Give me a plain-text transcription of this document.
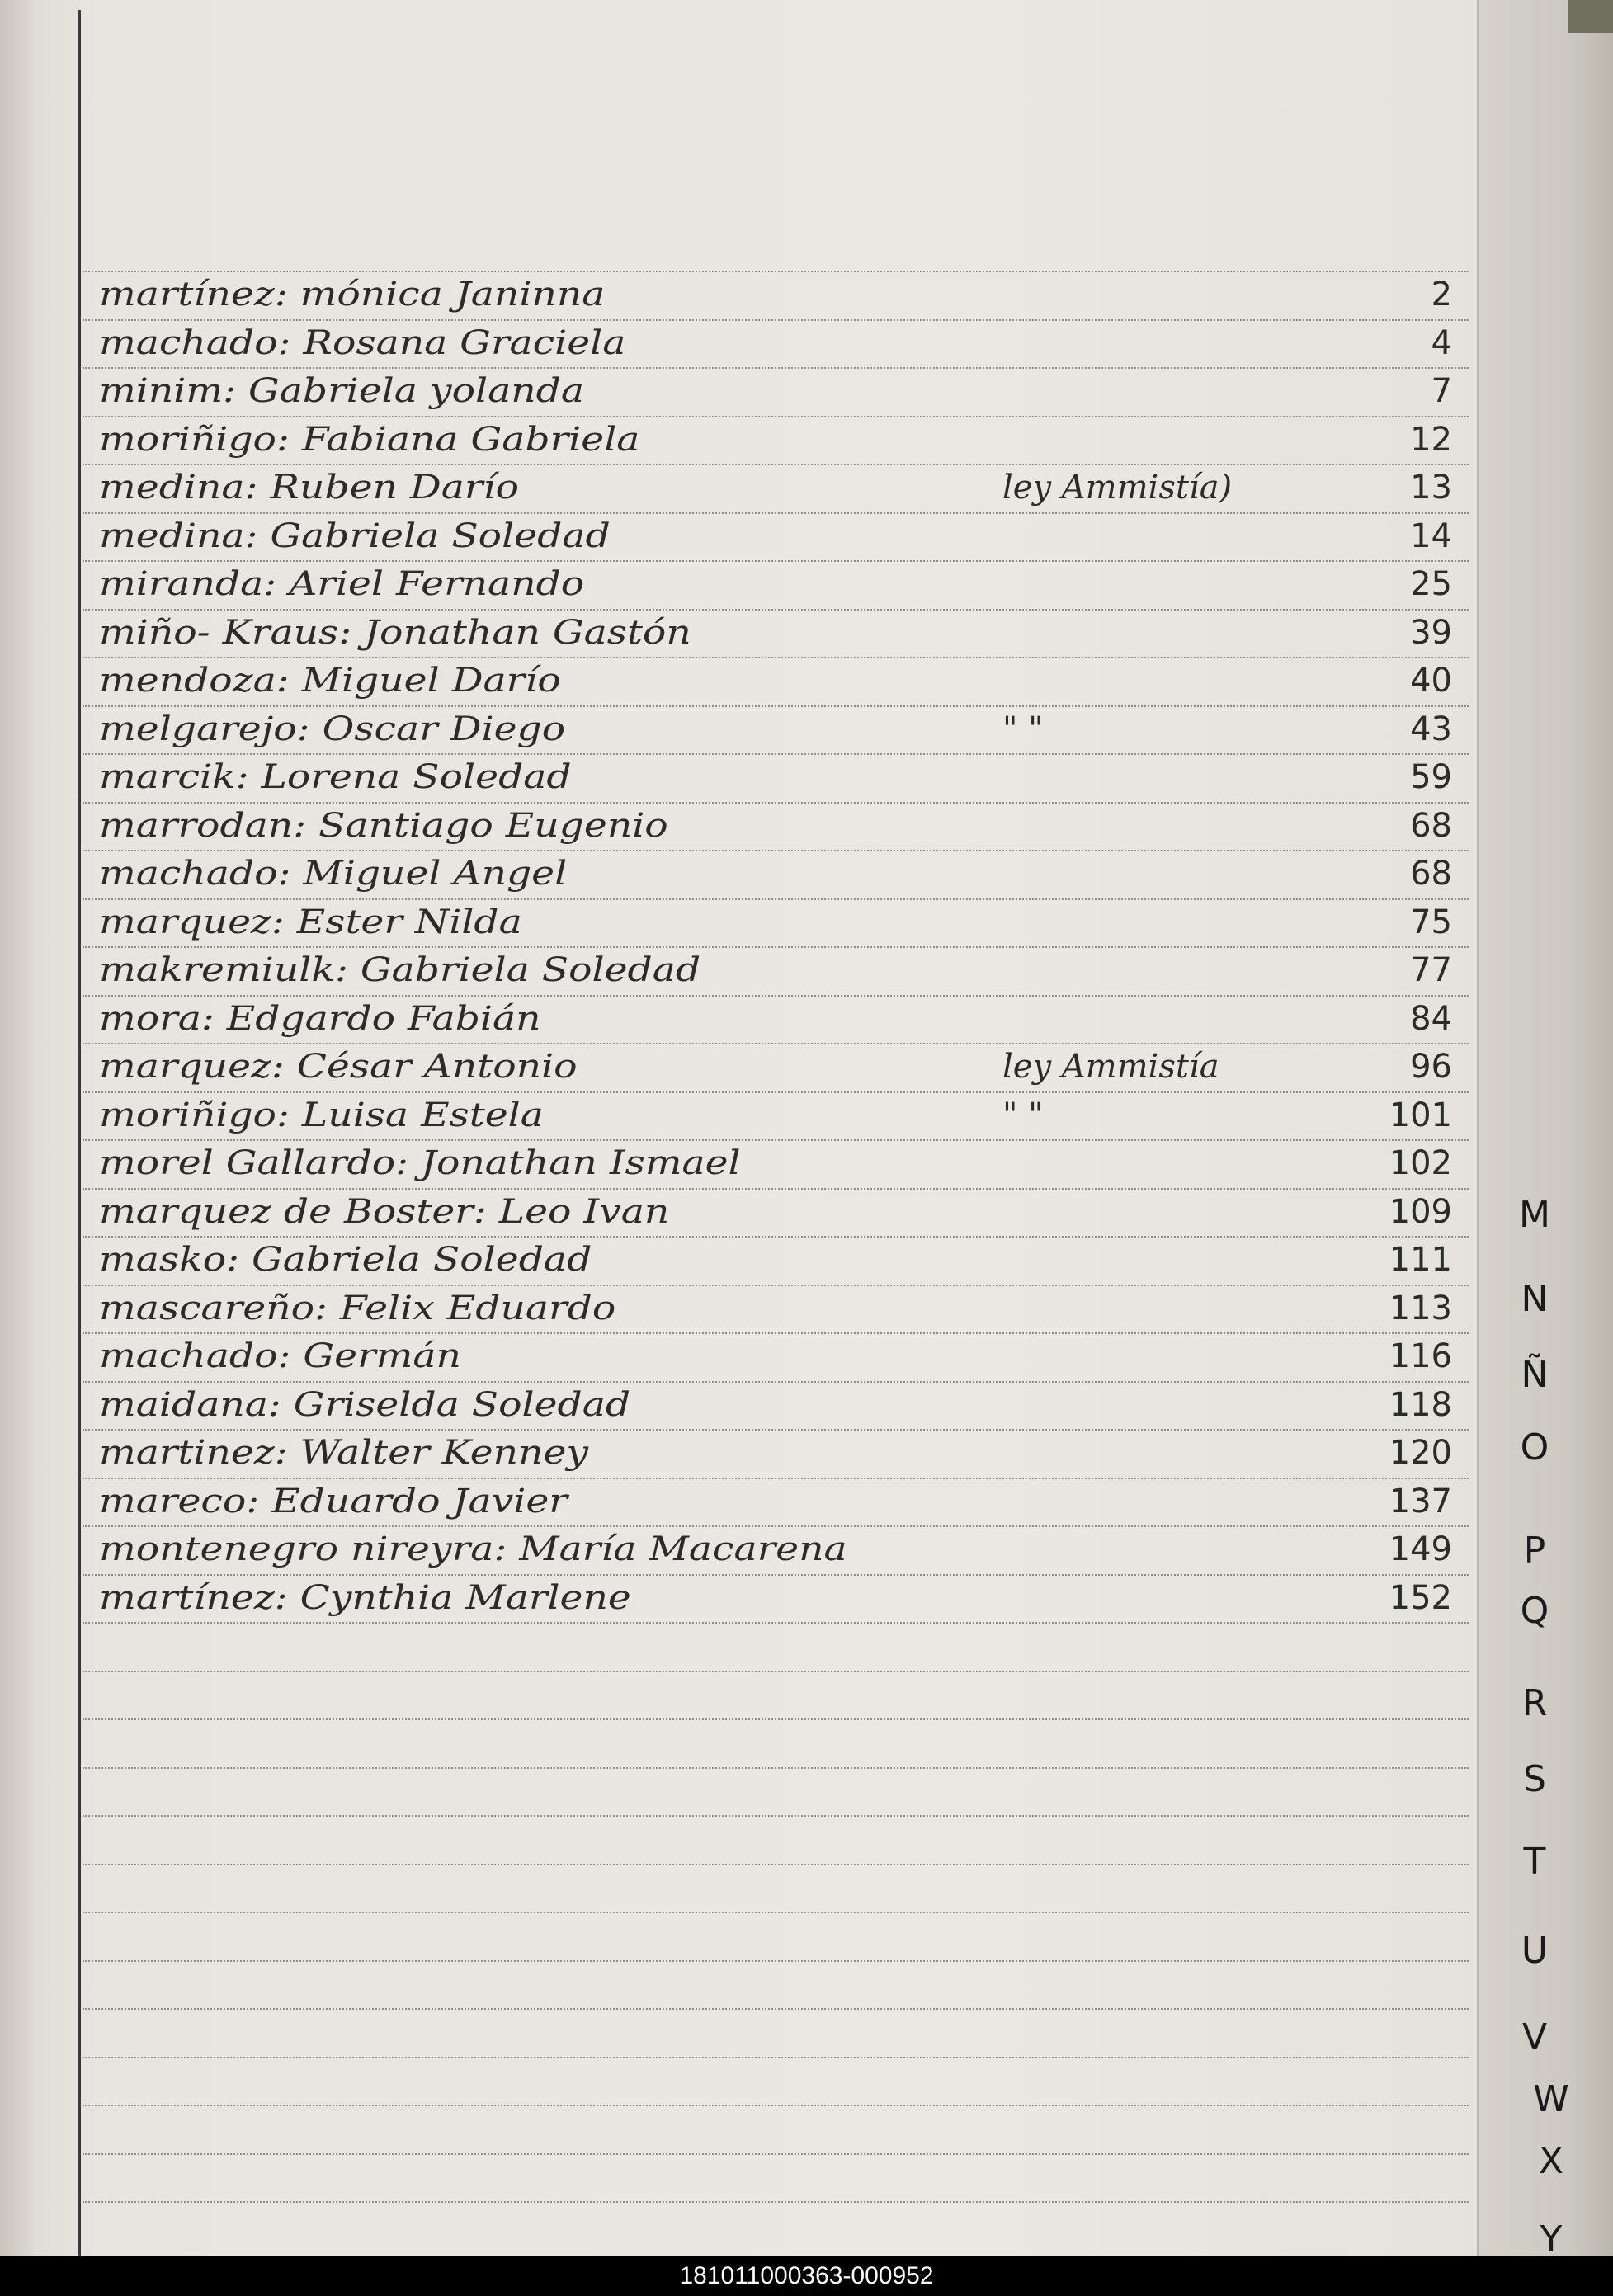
martínez: mónica Janinna	2
machado: Rosana Graciela	4
minim: Gabriela yolanda	7
moriñigo: Fabiana Gabriela	12
medina: Ruben Darío	ley Ammistía)	13
medina: Gabriela Soledad	14
miranda: Ariel Fernando	25
miño- Kraus: Jonathan Gastón	39
mendoza: Miguel Darío	40
melgarejo: Oscar Diego	" "	43
marcik: Lorena Soledad	59
marrodan: Santiago Eugenio	68
machado: Miguel Angel	68
marquez: Ester Nilda	75
makremiulk: Gabriela Soledad	77
mora: Edgardo Fabián	84
marquez: César Antonio	ley Ammistía	96
moriñigo: Luisa Estela	" "	101
morel Gallardo: Jonathan Ismael	102
marquez de Boster: Leo Ivan	109
masko: Gabriela Soledad	111
mascareño: Felix Eduardo	113
machado: Germán	116
maidana: Griselda Soledad	118
martinez: Walter Kenney	120
mareco: Eduardo Javier	137
montenegro nireyra: María Macarena	149
martínez: Cynthia Marlene	152
M
N
Ñ
O
P
Q
R
S
T
U
V
W
X
Y
181011000363-000952
